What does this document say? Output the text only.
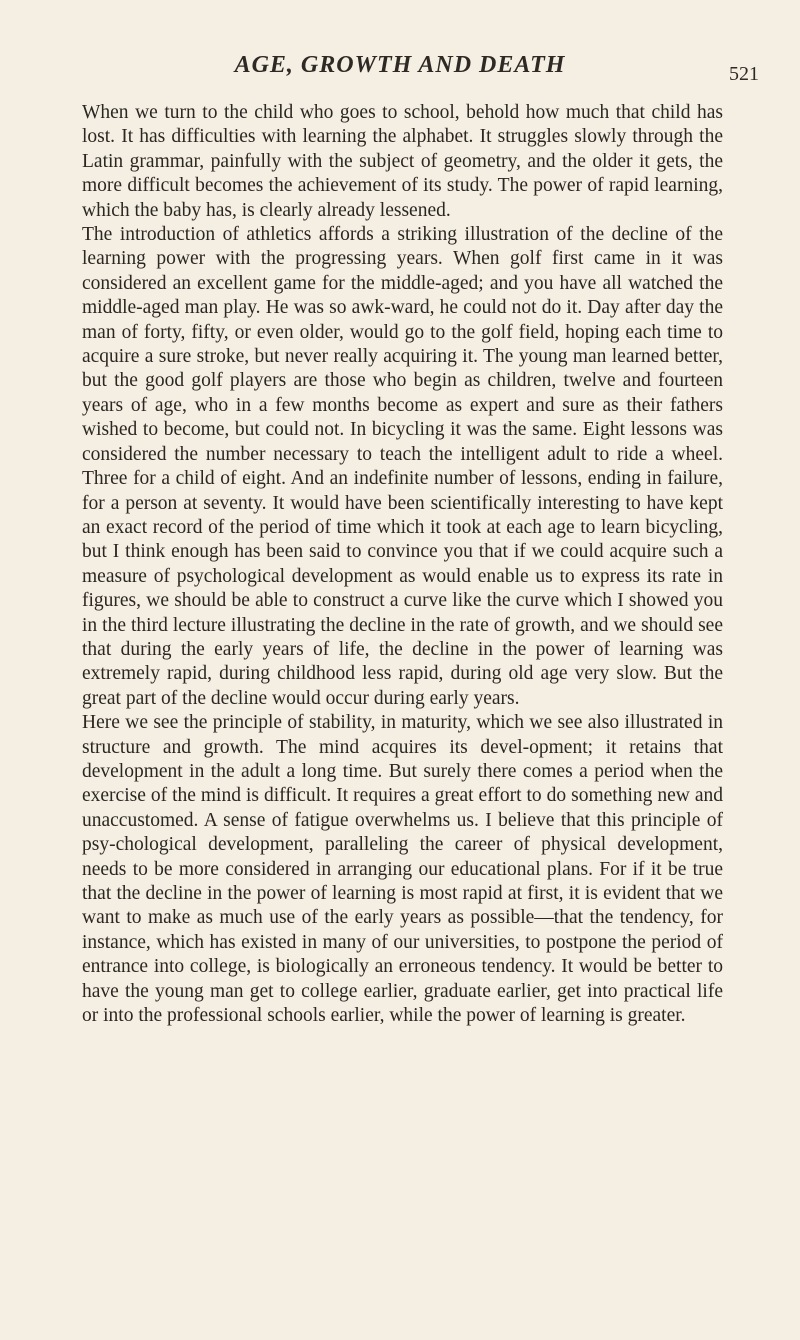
AGE, GROWTH AND DEATH	521

When we turn to the child who goes to school, behold how much that child has lost. It has difficulties with learning the alphabet. It struggles slowly through the Latin grammar, painfully with the subject of geometry, and the older it gets, the more difficult becomes the achievement of its study. The power of rapid learning, which the baby has, is clearly already lessened.

The introduction of athletics affords a striking illustration of the decline of the learning power with the progressing years. When golf first came in it was considered an excellent game for the middle-aged; and you have all watched the middle-aged man play. He was so awk-ward, he could not do it. Day after day the man of forty, fifty, or even older, would go to the golf field, hoping each time to acquire a sure stroke, but never really acquiring it. The young man learned better, but the good golf players are those who begin as children, twelve and fourteen years of age, who in a few months become as expert and sure as their fathers wished to become, but could not. In bicycling it was the same. Eight lessons was considered the number necessary to teach the intelligent adult to ride a wheel. Three for a child of eight. And an indefinite number of lessons, ending in failure, for a person at seventy. It would have been scientifically interesting to have kept an exact record of the period of time which it took at each age to learn bicycling, but I think enough has been said to convince you that if we could acquire such a measure of psychological development as would enable us to express its rate in figures, we should be able to construct a curve like the curve which I showed you in the third lecture illustrating the decline in the rate of growth, and we should see that during the early years of life, the decline in the power of learning was extremely rapid, during childhood less rapid, during old age very slow. But the great part of the decline would occur during early years.

Here we see the principle of stability, in maturity, which we see also illustrated in structure and growth. The mind acquires its devel-opment; it retains that development in the adult a long time. But surely there comes a period when the exercise of the mind is difficult. It requires a great effort to do something new and unaccustomed. A sense of fatigue overwhelms us. I believe that this principle of psy-chological development, paralleling the career of physical development, needs to be more considered in arranging our educational plans. For if it be true that the decline in the power of learning is most rapid at first, it is evident that we want to make as much use of the early years as possible—that the tendency, for instance, which has existed in many of our universities, to postpone the period of entrance into college, is biologically an erroneous tendency. It would be better to have the young man get to college earlier, graduate earlier, get into practical life or into the professional schools earlier, while the power of learning is greater.
